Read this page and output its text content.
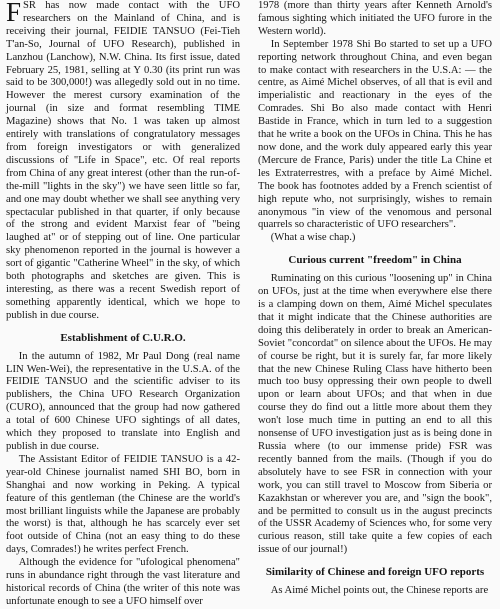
FSR has now made contact with the UFO researchers on the Mainland of China, and is receiving their journal, FEIDIE TANSUO (Fei-Tieh T'an-So, Journal of UFO Research), published in Lanzhou (Lanchow), N.W. China. Its first issue, dated February 25, 1981, selling at Y 0.30 (its print run was said to be 300,000!) was allegedly sold out in no time. However the merest cursory examination of the journal (in size and format resembling TIME Magazine) shows that No. 1 was taken up almost entirely with translations of congratulatory messages from foreign investigators or with generalized discussions of "Life in Space", etc. Of real reports from China of any great interest (other than the run-of-the-mill "lights in the sky") we have seen little so far, and one may doubt whether we shall see anything very spectacular published in that quarter, if only because of the strong and evident Marxist fear of "being laughed at" or of stepping out of line. One particular sky phenomenon reported in the journal is however a sort of gigantic "Catherine Wheel" in the sky, of which both photographs and sketches are given. This is interesting, as there was a recent Swedish report of something apparently identical, which we hope to publish in due course.

Establishment of C.U.R.O.

In the autumn of 1982, Mr Paul Dong (real name LIN Wen-Wei), the representative in the U.S.A. of the FEIDIE TANSUO and the scientific adviser to its publishers, the China UFO Research Organization (CURO), announced that the group had now gathered a total of 600 Chinese UFO sightings of all dates, which they proposed to translate into English and publish in due course.

The Assistant Editor of FEIDIE TANSUO is a 42-year-old Chinese journalist named SHI BO, born in Shanghai and now working in Peking. A typical feature of this gentleman (the Chinese are the world's most brilliant linguists while the Japanese are probably the worst) is that, although he has scarcely ever set foot outside of China (not an easy thing to do these days, Comrades!) he writes perfect French.

Although the evidence for "ufological phenomena" runs in abundance right through the vast literature and historical records of China (the writer of this note was unfortunate enough to see a UFO himself over

1978 (more than thirty years after Kenneth Arnold's famous sighting which initiated the UFO furore in the Western world).

In September 1978 Shi Bo started to set up a UFO reporting network throughout China, and even began to make contact with researchers in the U.S.A: — the centre, as Aimé Michel observes, of all that is evil and imperialistic and reactionary in the eyes of the Comrades. Shi Bo also made contact with Henri Bastide in France, which in turn led to a suggestion that he write a book on the UFOs in China. This he has now done, and the work duly appeared early this year (Mercure de France, Paris) under the title La Chine et les Extraterrestres, with a preface by Aimé Michel. The book has footnotes added by a French scientist of high repute who, not surprisingly, wishes to remain anonymous "in view of the venomous and personal quarrels so characteristic of UFO researchers".

(What a wise chap.)

Curious current "freedom" in China

Ruminating on this curious "loosening up" in China on UFOs, just at the time when everywhere else there is a clamping down on them, Aimé Michel speculates that it might indicate that the Chinese authorities are doing this deliberately in order to break an American-Soviet "concordat" on silence about the UFOs. He may of course be right, but it is surely far, far more likely that the new Chinese Ruling Class have hitherto been much too busy oppressing their own people to dwell upon or learn about UFOs; and that when in due course they do find out a little more about them they won't lose much time in putting an end to all this nonsense of UFO investigation just as is being done in Russia where (to our immense pride) FSR was recently banned from the mails. (Though if you do absolutely have to see FSR in connection with your work, you can still travel to Moscow from Siberia or Kazakhstan or wherever you are, and "sign the book", and be permitted to consult us in the august precincts of the USSR Academy of Sciences who, for some very curious reason, still take quite a few copies of each issue of our journal!)

Similarity of Chinese and foreign UFO reports

As Aimé Michel points out, the Chinese reports are
